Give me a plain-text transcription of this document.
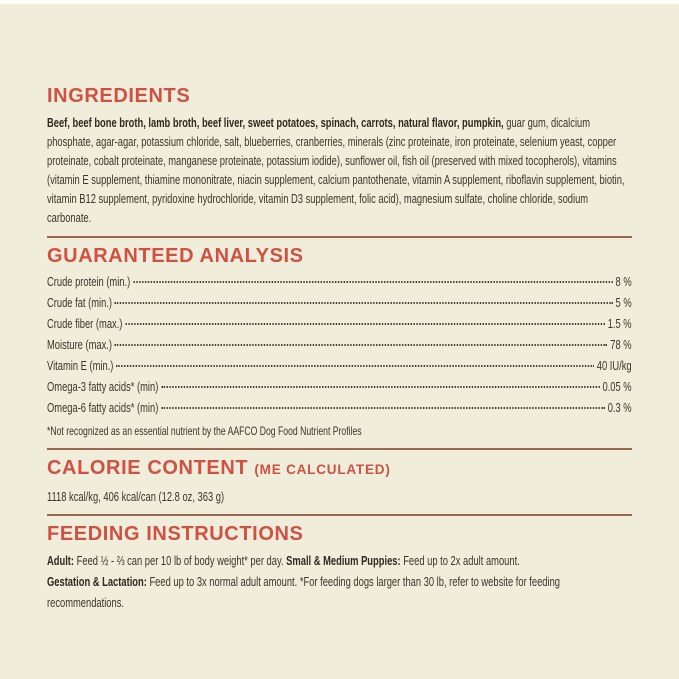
INGREDIENTS

Beef, beef bone broth, lamb broth, beef liver, sweet potatoes, spinach, carrots, natural flavor, pumpkin, guar gum, dicalcium phosphate, agar-agar, potassium chloride, salt, blueberries, cranberries, minerals (zinc proteinate, iron proteinate, selenium yeast, copper proteinate, cobalt proteinate, manganese proteinate, potassium iodide), sunflower oil, fish oil (preserved with mixed tocopherols), vitamins (vitamin E supplement, thiamine mononitrate, niacin supplement, calcium pantothenate, vitamin A supplement, riboflavin supplement, biotin, vitamin B12 supplement, pyridoxine hydrochloride, vitamin D3 supplement, folic acid), magnesium sulfate, choline chloride, sodium carbonate.

GUARANTEED ANALYSIS
Crude protein (min.)	8 %
Crude fat (min.)	5 %
Crude fiber (max.)	1.5 %
Moisture (max.)	78 %
Vitamin E (min.)	40 IU/kg
Omega-3 fatty acids* (min)	0.05 %
Omega-6 fatty acids* (min)	0.3 %

*Not recognized as an essential nutrient by the AAFCO Dog Food Nutrient Profiles

CALORIE CONTENT (ME CALCULATED)

1118 kcal/kg, 406 kcal/can (12.8 oz, 363 g)

FEEDING INSTRUCTIONS

Adult: Feed ½ - ⅔ can per 10 lb of body weight* per day. Small & Medium Puppies: Feed up to 2x adult amount.

Gestation & Lactation: Feed up to 3x normal adult amount. *For feeding dogs larger than 30 lb, refer to website for feeding recommendations.
